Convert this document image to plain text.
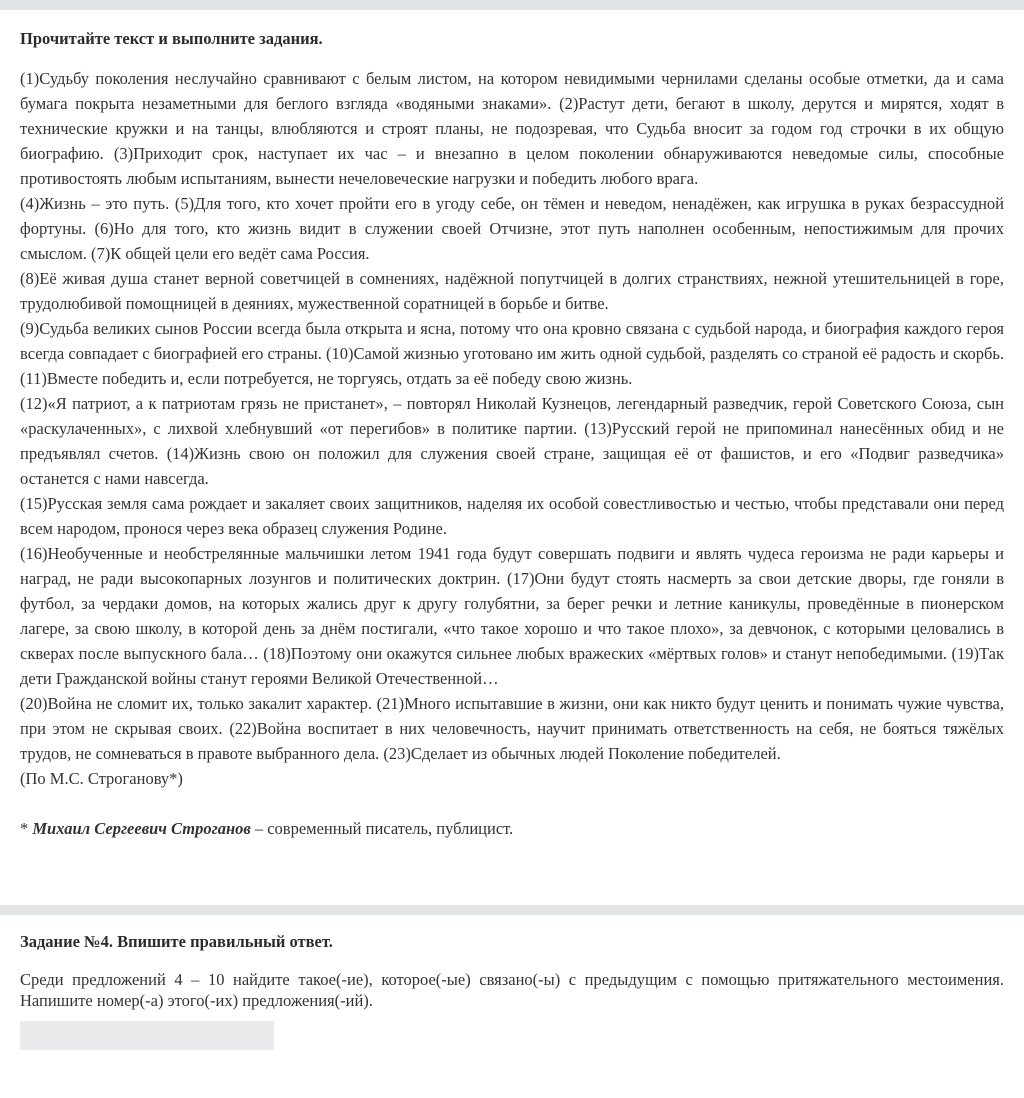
Прочитайте текст и выполните задания.

(1)Судьбу поколения неслучайно сравнивают с белым листом, на котором невидимыми чернилами сделаны особые отметки, да и сама бумага покрыта незаметными для беглого взгляда «водяными знаками». (2)Растут дети, бегают в школу, дерутся и мирятся, ходят в технические кружки и на танцы, влюбляются и строят планы, не подозревая, что Судьба вносит за годом год строчки в их общую биографию. (3)Приходит срок, наступает их час – и внезапно в целом поколении обнаруживаются неведомые силы, способные противостоять любым испытаниям, вынести нечеловеческие нагрузки и победить любого врага.

(4)Жизнь – это путь. (5)Для того, кто хочет пройти его в угоду себе, он тёмен и неведом, ненадёжен, как игрушка в руках безрассудной фортуны. (6)Но для того, кто жизнь видит в служении своей Отчизне, этот путь наполнен особенным, непостижимым для прочих смыслом. (7)К общей цели его ведёт сама Россия.

(8)Её живая душа станет верной советчицей в сомнениях, надёжной попутчицей в долгих странствиях, нежной утешительницей в горе, трудолюбивой помощницей в деяниях, мужественной соратницей в борьбе и битве.

(9)Судьба великих сынов России всегда была открыта и ясна, потому что она кровно связана с судьбой народа, и биография каждого героя всегда совпадает с биографией его страны. (10)Самой жизнью уготовано им жить одной судьбой, разделять со страной её радость и скорбь. (11)Вместе победить и, если потребуется, не торгуясь, отдать за её победу свою жизнь.

(12)«Я патриот, а к патриотам грязь не пристанет», – повторял Николай Кузнецов, легендарный разведчик, герой Советского Союза, сын «раскулаченных», с лихвой хлебнувший «от перегибов» в политике партии. (13)Русский герой не припоминал нанесённых обид и не предъявлял счетов. (14)Жизнь свою он положил для служения своей стране, защищая её от фашистов, и его «Подвиг разведчика» останется с нами навсегда.

(15)Русская земля сама рождает и закаляет своих защитников, наделяя их особой совестливостью и честью, чтобы представали они перед всем народом, пронося через века образец служения Родине.

(16)Необученные и необстрелянные мальчишки летом 1941 года будут совершать подвиги и являть чудеса героизма не ради карьеры и наград, не ради высокопарных лозунгов и политических доктрин. (17)Они будут стоять насмерть за свои детские дворы, где гоняли в футбол, за чердаки домов, на которых жались друг к другу голубятни, за берег речки и летние каникулы, проведённые в пионерском лагере, за свою школу, в которой день за днём постигали, «что такое хорошо и что такое плохо», за девчонок, с которыми целовались в скверах после выпускного бала… (18)Поэтому они окажутся сильнее любых вражеских «мёртвых голов» и станут непобедимыми. (19)Так дети Гражданской войны станут героями Великой Отечественной…

(20)Война не сломит их, только закалит характер. (21)Много испытавшие в жизни, они как никто будут ценить и понимать чужие чувства, при этом не скрывая своих. (22)Война воспитает в них человечность, научит принимать ответственность на себя, не бояться тяжёлых трудов, не сомневаться в правоте выбранного дела. (23)Сделает из обычных людей Поколение победителей.

(По М.С. Строганову*)

* Михаил Сергеевич Строганов – современный писатель, публицист.
Задание №4. Впишите правильный ответ.
Среди предложений 4 – 10 найдите такое(-ие), которое(-ые) связано(-ы) с предыдущим с помощью притяжательного местоимения. Напишите номер(-а) этого(-их) предложения(-ий).
